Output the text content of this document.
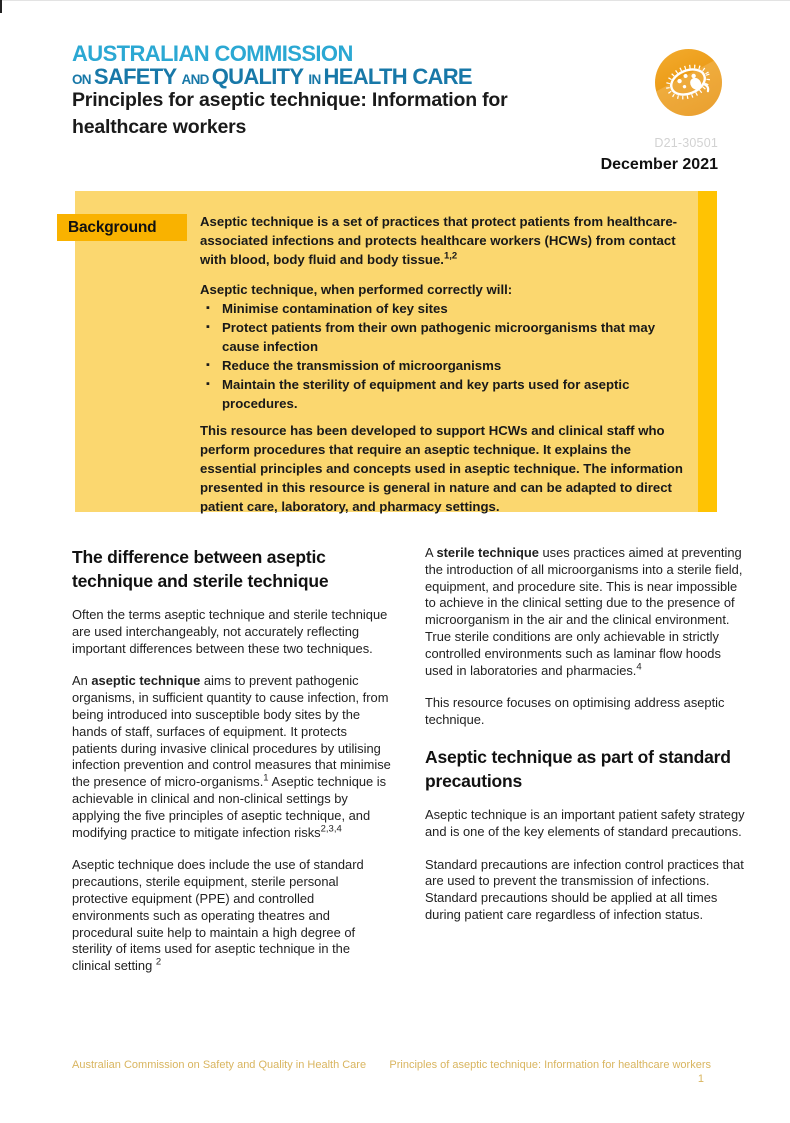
AUSTRALIAN COMMISSION
ON SAFETY AND QUALITY IN HEALTH CARE
Principles for aseptic technique: Information for healthcare workers
D21-30501
December 2021
Background	Aseptic technique is a set of practices that protect patients from healthcare-associated infections and protects healthcare workers (HCWs) from contact with blood, body fluid and body tissue.$^{1,2}$
Aseptic technique, when performed correctly will:
▪ Minimise contamination of key sites
▪ Protect patients from their own pathogenic microorganisms that may cause infection
▪ Reduce the transmission of microorganisms
▪ Maintain the sterility of equipment and key parts used for aseptic procedures.
This resource has been developed to support HCWs and clinical staff who perform procedures that require an aseptic technique. It explains the essential principles and concepts used in aseptic technique. The information presented in this resource is general in nature and can be adapted to direct patient care, laboratory, and pharmacy settings.
The difference between aseptic technique and sterile technique

Often the terms aseptic technique and sterile technique are used interchangeably, not accurately reflecting important differences between these two techniques.

An aseptic technique aims to prevent pathogenic organisms, in sufficient quantity to cause infection, from being introduced into susceptible body sites by the hands of staff, surfaces of equipment. It protects patients during invasive clinical procedures by utilising infection prevention and control measures that minimise the presence of micro-organisms.$^1$ Aseptic technique is achievable in clinical and non-clinical settings by applying the five principles of aseptic technique, and modifying practice to mitigate infection risks$^{2,3,4}$

Aseptic technique does include the use of standard precautions, sterile equipment, sterile personal protective equipment (PPE) and controlled environments such as operating theatres and procedural suite help to maintain a high degree of sterility of items used for aseptic technique in the clinical setting $^2$

A sterile technique uses practices aimed at preventing the introduction of all microorganisms into a sterile field, equipment, and procedure site. This is near impossible to achieve in the clinical setting due to the presence of microorganism in the air and the clinical environment. True sterile conditions are only achievable in strictly controlled environments such as laminar flow hoods used in laboratories and pharmacies.$^4$

This resource focuses on optimising address aseptic technique.

Aseptic technique as part of standard precautions

Aseptic technique is an important patient safety strategy and is one of the key elements of standard precautions.

Standard precautions are infection control practices that are used to prevent the transmission of infections. Standard precautions should be applied at all times during patient care regardless of infection status.

Australian Commission on Safety and Quality in Health Care Principles of aseptic technique: Information for healthcare workers
1
